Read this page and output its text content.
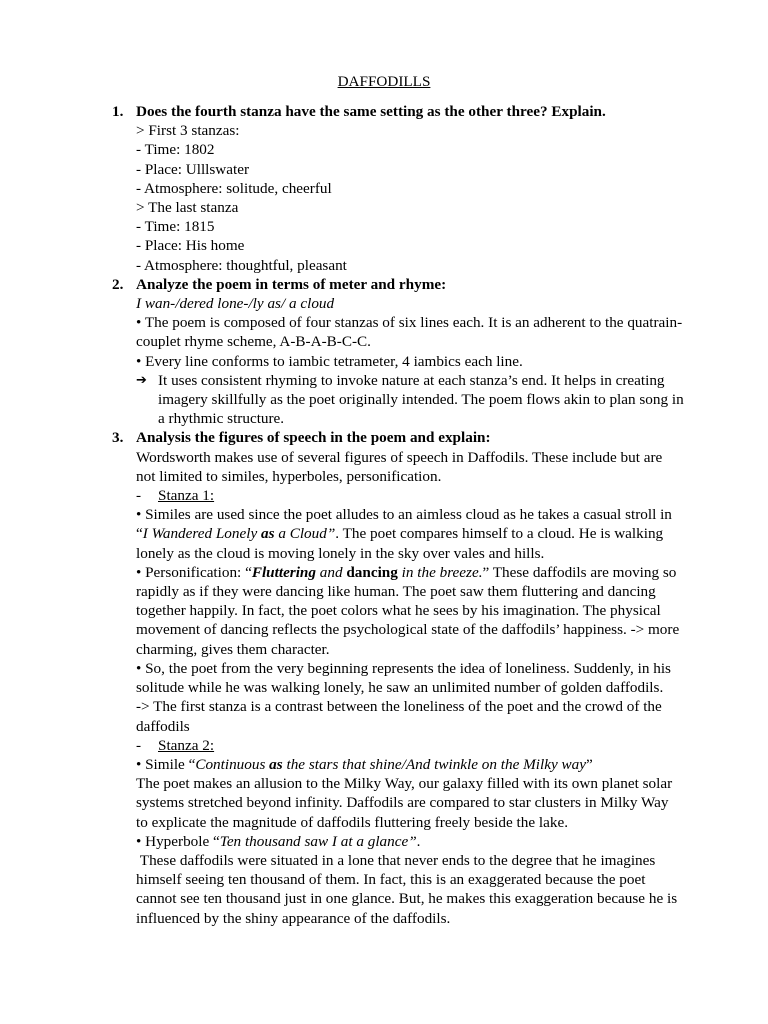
DAFFODILLS
1. Does the fourth stanza have the same setting as the other three? Explain.
> First 3 stanzas:
- Time: 1802
- Place: Ulllswater
- Atmosphere: solitude, cheerful
> The last stanza
- Time: 1815
- Place: His home
- Atmosphere: thoughtful, pleasant
2. Analyze the poem in terms of meter and rhyme:
I wan-/dered lone-/ly as/ a cloud
• The poem is composed of four stanzas of six lines each. It is an adherent to the quatrain-couplet rhyme scheme, A-B-A-B-C-C.
• Every line conforms to iambic tetrameter, 4 iambics each line.
➔ It uses consistent rhyming to invoke nature at each stanza’s end. It helps in creating imagery skillfully as the poet originally intended. The poem flows akin to plan song in a rhythmic structure.
3. Analysis the figures of speech in the poem and explain:
Wordsworth makes use of several figures of speech in Daffodils. These include but are not limited to similes, hyperboles, personification.
- Stanza 1:
• Similes are used since the poet alludes to an aimless cloud as he takes a casual stroll in “I Wandered Lonely as a Cloud”. The poet compares himself to a cloud. He is walking lonely as the cloud is moving lonely in the sky over vales and hills.
• Personification: “Fluttering and dancing in the breeze.” These daffodils are moving so rapidly as if they were dancing like human. The poet saw them fluttering and dancing together happily. In fact, the poet colors what he sees by his imagination. The physical movement of dancing reflects the psychological state of the daffodils’ happiness. -> more charming, gives them character.
• So, the poet from the very beginning represents the idea of loneliness. Suddenly, in his solitude while he was walking lonely, he saw an unlimited number of golden daffodils.
-> The first stanza is a contrast between the loneliness of the poet and the crowd of the daffodils
- Stanza 2:
• Simile “Continuous as the stars that shine/And twinkle on the Milky way”
The poet makes an allusion to the Milky Way, our galaxy filled with its own planet solar systems stretched beyond infinity. Daffodils are compared to star clusters in Milky Way to explicate the magnitude of daffodils fluttering freely beside the lake.
• Hyperbole “Ten thousand saw I at a glance”.
These daffodils were situated in a lone that never ends to the degree that he imagines himself seeing ten thousand of them. In fact, this is an exaggerated because the poet cannot see ten thousand just in one glance. But, he makes this exaggeration because he is influenced by the shiny appearance of the daffodils.
